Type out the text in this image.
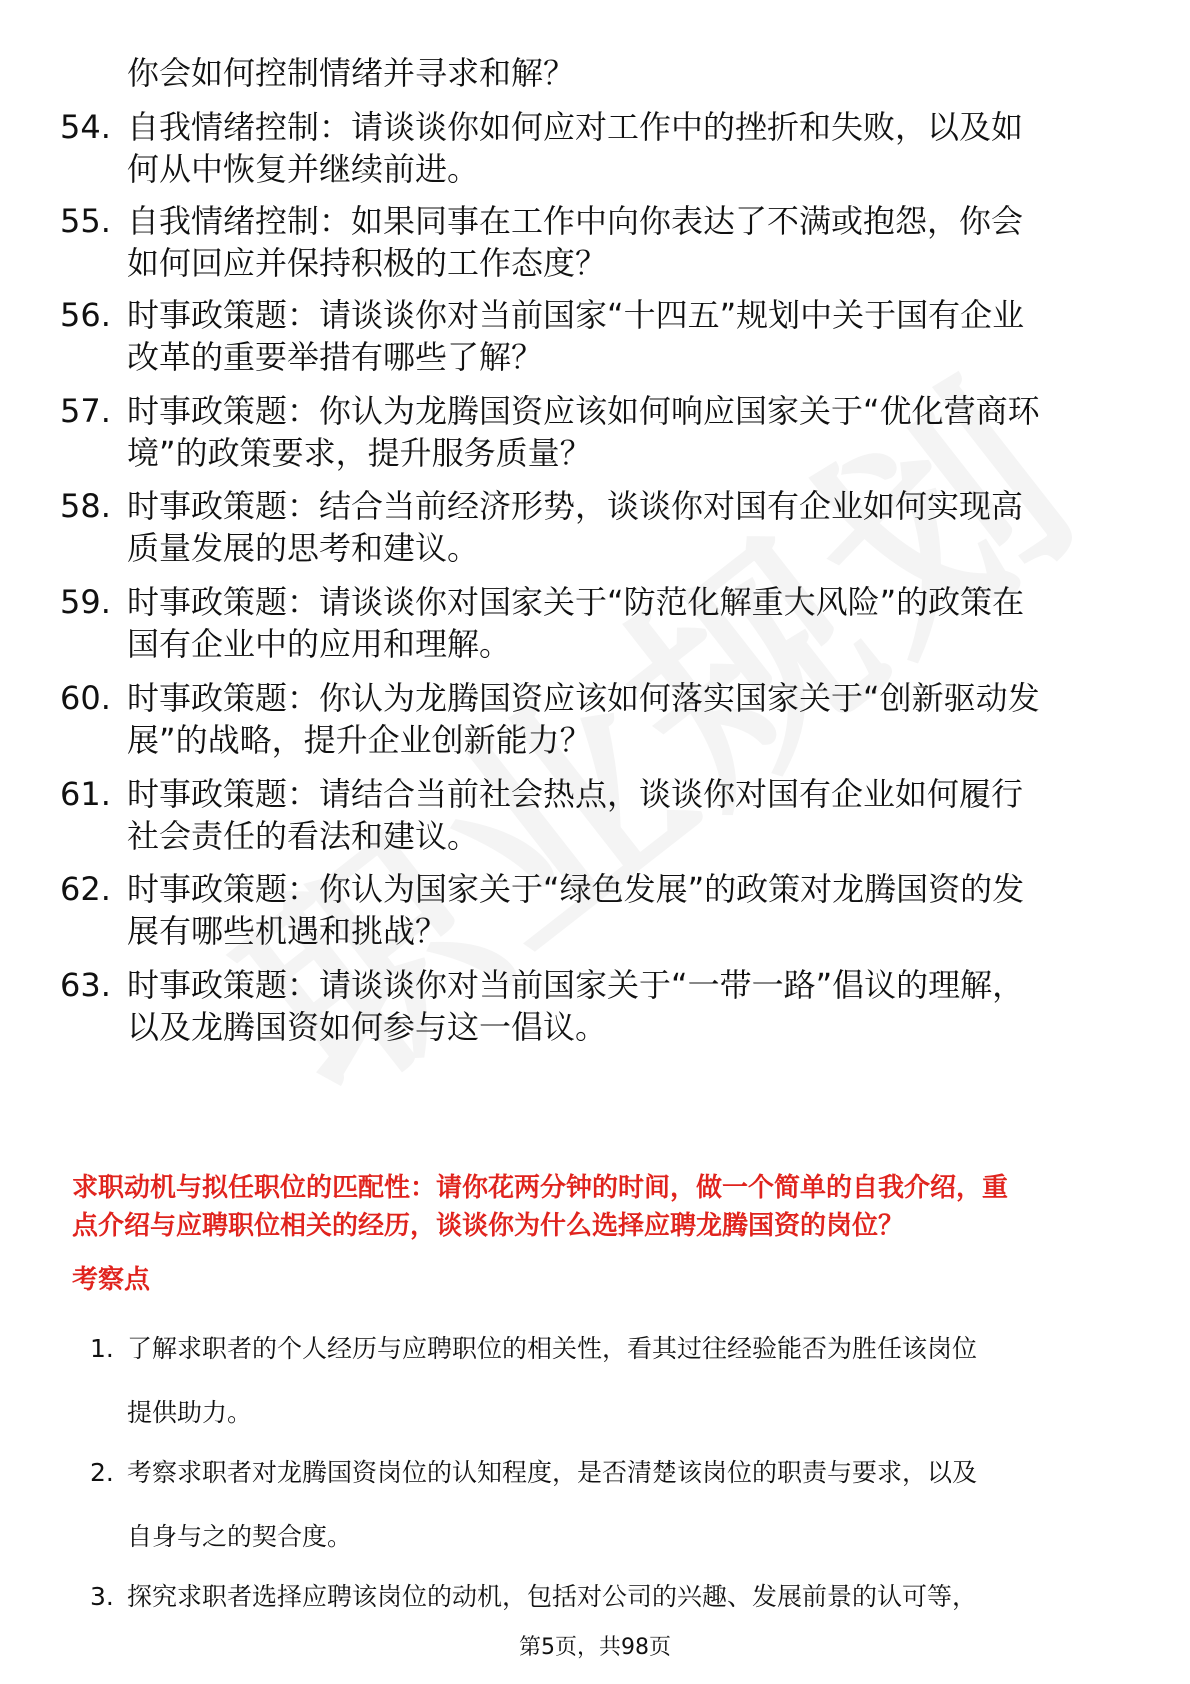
你会如何控制情绪并寻求和解？
54. 自我情绪控制：请谈谈你如何应对工作中的挫折和失败，以及如
何从中恢复并继续前进。
55. 自我情绪控制：如果同事在工作中向你表达了不满或抱怨，你会
如何回应并保持积极的工作态度？
56. 时事政策题：请谈谈你对当前国家“十四五”规划中关于国有企业
改革的重要举措有哪些了解？
57. 时事政策题：你认为龙腾国资应该如何响应国家关于“优化营商环
境”的政策要求，提升服务质量？
58. 时事政策题：结合当前经济形势，谈谈你对国有企业如何实现高
质量发展的思考和建议。
59. 时事政策题：请谈谈你对国家关于“防范化解重大风险”的政策在
国有企业中的应用和理解。
60. 时事政策题：你认为龙腾国资应该如何落实国家关于“创新驱动发
展”的战略，提升企业创新能力？
61. 时事政策题：请结合当前社会热点，谈谈你对国有企业如何履行
社会责任的看法和建议。
62. 时事政策题：你认为国家关于“绿色发展”的政策对龙腾国资的发
展有哪些机遇和挑战？
63. 时事政策题：请谈谈你对当前国家关于“一带一路”倡议的理解，
以及龙腾国资如何参与这一倡议。
求职动机与拟任职位的匹配性：请你花两分钟的时间，做一个简单的自我介绍，重
点介绍与应聘职位相关的经历，谈谈你为什么选择应聘龙腾国资的岗位？
考察点
1. 了解求职者的个人经历与应聘职位的相关性，看其过往经验能否为胜任该岗位
提供助力。
2. 考察求职者对龙腾国资岗位的认知程度，是否清楚该岗位的职责与要求，以及
自身与之的契合度。
3. 探究求职者选择应聘该岗位的动机，包括对公司的兴趣、发展前景的认可等，
第5页，共98页
